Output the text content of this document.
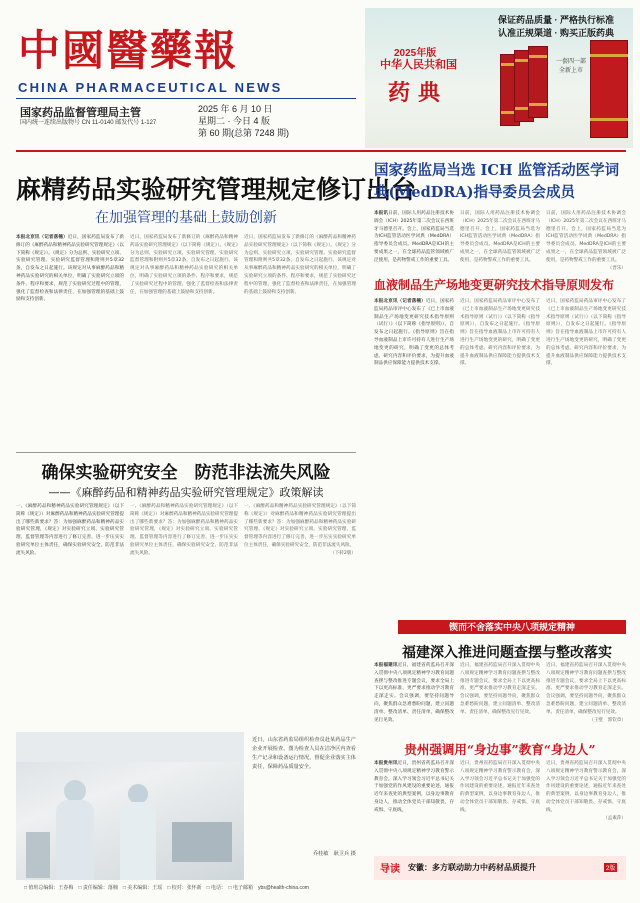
中國醫藥報
CHINA PHARMACEUTICAL NEWS
国家药品监督管理局主管
国内统一连续出版物号 CN 11-0140 邮发代号 1-127
2025 年 6 月 10 日
星期二 · 今日 4 版
第 60 期(总第 7248 期)
保证药品质量 · 严格执行标准
认准正规渠道 · 购买正版药典
2025年版
中华人民共和国
药典
一套四一部 全新上市
麻精药品实验研究管理规定修订出台
在加强管理的基础上鼓励创新
本报北京讯（记者落楠）近日，国家药监局发布了新修订的《麻醉药品和精神药品实验研究管理规定》（以下简称《规定》）。《规定》分为总则、实验研究立项、实验研究管理、实验研究监督管理和附则共5章32条，自发布之日起施行。该规定对从事麻醉药品和精神药品实验研究的相关单位，明确了实验研究立项的条件、程序和要求，规范了实验研究过程中的管理，强化了监督检查和法律责任，在加强管理的基础上鼓励和支持创新。
近日，国家药监局发布了新修订的《麻醉药品和精神药品实验研究管理规定》（以下简称《规定》）。《规定》分为总则、实验研究立项、实验研究管理、实验研究监督管理和附则共5章32条，自发布之日起施行。该规定对从事麻醉药品和精神药品实验研究的相关单位，明确了实验研究立项的条件、程序和要求，规范了实验研究过程中的管理，强化了监督检查和法律责任，在加强管理的基础上鼓励和支持创新。
近日，国家药监局发布了新修订的《麻醉药品和精神药品实验研究管理规定》（以下简称《规定》）。《规定》分为总则、实验研究立项、实验研究管理、实验研究监督管理和附则共5章32条，自发布之日起施行。该规定对从事麻醉药品和精神药品实验研究的相关单位，明确了实验研究立项的条件、程序和要求，规范了实验研究过程中的管理，强化了监督检查和法律责任，在加强管理的基础上鼓励和支持创新。
确保实验研究安全　防范非法流失风险
——《麻醉药品和精神药品实验研究管理规定》政策解读
一、《麻醉药品和精神药品实验研究管理规定》（以下简称《规定》）对麻醉药品和精神药品实验研究管理提出了哪些新要求？答：为加强麻醉药品和精神药品实验研究管理，《规定》对实验研究立项、实验研究管理、监督管理等内容进行了修订完善，进一步压实实验研究单位主体责任，确保实验研究安全，防范非法流失风险。
一、《麻醉药品和精神药品实验研究管理规定》（以下简称《规定》）对麻醉药品和精神药品实验研究管理提出了哪些新要求？答：为加强麻醉药品和精神药品实验研究管理，《规定》对实验研究立项、实验研究管理、监督管理等内容进行了修订完善，进一步压实实验研究单位主体责任，确保实验研究安全，防范非法流失风险。
一、《麻醉药品和精神药品实验研究管理规定》（以下简称《规定》）对麻醉药品和精神药品实验研究管理提出了哪些新要求？答：为加强麻醉药品和精神药品实验研究管理，《规定》对实验研究立项、实验研究管理、监督管理等内容进行了修订完善，进一步压实实验研究单位主体责任，确保实验研究安全，防范非法流失风险。
（下转2版）
近日，山东省药监局组织检查员赴某药品生产企业开展检查。图为检查人员在洁净区内查看生产记录和设备运行情况，督促企业落实主体责任，保障药品质量安全。
乔桂敏　耿卫兵 摄
国家药监局当选 ICH 监管活动医学词典(MedDRA)指导委员会成员
本报讯日前，国际人用药品注册技术协调会（ICH）2025年第二次会议在西班牙马德里召开。会上，国家药监局当选为ICH监管活动医学词典（MedDRA）指导委员会成员。MedDRA是ICH的主要成果之一，在全球药品监管领域被广泛使用，是药物警戒工作的重要工具。
日前，国际人用药品注册技术协调会（ICH）2025年第二次会议在西班牙马德里召开。会上，国家药监局当选为ICH监管活动医学词典（MedDRA）指导委员会成员。MedDRA是ICH的主要成果之一，在全球药品监管领域被广泛使用，是药物警戒工作的重要工具。
日前，国际人用药品注册技术协调会（ICH）2025年第二次会议在西班牙马德里召开。会上，国家药监局当选为ICH监管活动医学词典（MedDRA）指导委员会成员。MedDRA是ICH的主要成果之一，在全球药品监管领域被广泛使用，是药物警戒工作的重要工具。
（晋乐）
血液制品生产场地变更研究技术指导原则发布
本报北京讯（记者落楠）近日，国家药监局药品审评中心发布了《已上市血液制品生产场地变更研究技术指导原则（试行）》（以下简称《指导原则》），自发布之日起施行。《指导原则》旨在指导血液制品上市许可持有人进行生产场地变更的研究，明确了变更的总体考虑、研究内容和评价要求，为提升血液制品供应保障能力提供技术支撑。
近日，国家药监局药品审评中心发布了《已上市血液制品生产场地变更研究技术指导原则（试行）》（以下简称《指导原则》），自发布之日起施行。《指导原则》旨在指导血液制品上市许可持有人进行生产场地变更的研究，明确了变更的总体考虑、研究内容和评价要求，为提升血液制品供应保障能力提供技术支撑。
近日，国家药监局药品审评中心发布了《已上市血液制品生产场地变更研究技术指导原则（试行）》（以下简称《指导原则》），自发布之日起施行。《指导原则》旨在指导血液制品上市许可持有人进行生产场地变更的研究，明确了变更的总体考虑、研究内容和评价要求，为提升血液制品供应保障能力提供技术支撑。
锲而不舍落实中央八项规定精神
福建深入推进问题查摆与整改落实
本报福建讯近日，福建省药监局召开深入贯彻中央八项规定精神学习教育问题查摆与整改推进专题会议，要求全局上下以更高标准、更严要求推动学习教育走深走实。会议强调，要坚持问题导向，聚焦群众急难愁盼问题，建立问题清单、整改清单、责任清单，确保整改见行见效。
近日，福建省药监局召开深入贯彻中央八项规定精神学习教育问题查摆与整改推进专题会议，要求全局上下以更高标准、更严要求推动学习教育走深走实。会议强调，要坚持问题导向，聚焦群众急难愁盼问题，建立问题清单、整改清单、责任清单，确保整改见行见效。
近日，福建省药监局召开深入贯彻中央八项规定精神学习教育问题查摆与整改推进专题会议，要求全局上下以更高标准、更严要求推动学习教育走深走实。会议强调，要坚持问题导向，聚焦群众急难愁盼问题，建立问题清单、整改清单、责任清单，确保整改见行见效。
（王壁　郭钦章）
贵州强调用“身边事”教育“身边人”
本报贵州讯近日，贵州省药监局召开深入贯彻中央八项规定精神学习教育警示教育会，深入学习领会习近平总书记关于加强党的作风建设的重要论述，通报近年来查处的典型案例，以身边事教育身边人，推动全体党员干部知敬畏、存戒惧、守底线。
近日，贵州省药监局召开深入贯彻中央八项规定精神学习教育警示教育会，深入学习领会习近平总书记关于加强党的作风建设的重要论述，通报近年来查处的典型案例，以身边事教育身边人，推动全体党员干部知敬畏、存戒惧、守底线。
近日，贵州省药监局召开深入贯彻中央八项规定精神学习教育警示教育会，深入学习领会习近平总书记关于加强党的作风建设的重要论述，通报近年来查处的典型案例，以身边事教育身边人，推动全体党员干部知敬畏、存戒惧、守底线。
（孟素萍）
导读 安徽：多方联动助力中药材品质提升	2版
□ 值班总编辑：王春梅　□ 责任编辑：落楠　□ 美术编辑：王瑶　□ 校对：张怀新　□ 电话：　□ 电子邮箱　ybs@health-china.com
